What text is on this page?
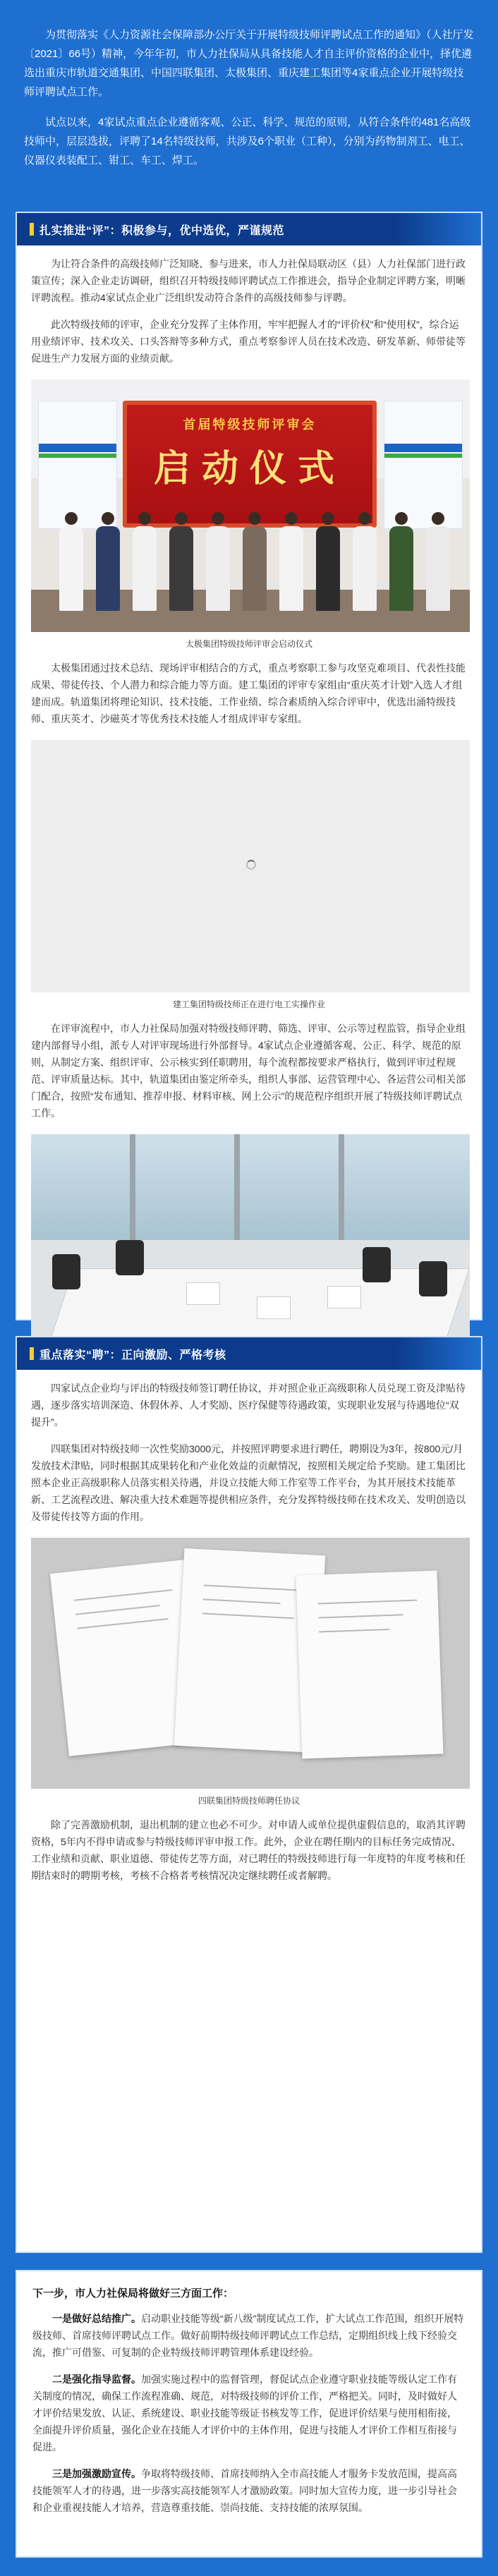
为贯彻落实《人力资源社会保障部办公厅关于开展特级技师评聘试点工作的通知》（人社厅发〔2021〕66号）精神，今年年初，市人力社保局从具备技能人才自主评价资格的企业中，择优遴选出重庆市轨道交通集团、中国四联集团、太极集团、重庆建工集团等4家重点企业开展特级技师评聘试点工作。

试点以来，4家试点重点企业遵循客观、公正、科学、规范的原则，从符合条件的481名高级技师中，层层选拔，评聘了14名特级技师，共涉及6个职业（工种），分别为药物制剂工、电工、仪器仪表装配工、钳工、车工、焊工。

扎实推进“评”：积极参与，优中选优，严谨规范

为让符合条件的高级技师广泛知晓、参与进来，市人力社保局联动区（县）人力社保部门进行政策宣传；深入企业走访调研，组织召开特级技师评聘试点工作推进会，指导企业制定评聘方案，明晰评聘流程。推动4家试点企业广泛组织发动符合条件的高级技师参与评聘。

此次特级技师的评审，企业充分发挥了主体作用，牢牢把握人才的“评价权”和“使用权”，综合运用业绩评审、技术攻关、口头答辩等多种方式，重点考察参评人员在技术改造、研发革新、师带徒等促进生产力发展方面的业绩贡献。

首届特级技师评审会
启动仪式
太极集团特级技师评审会启动仪式

太极集团通过技术总结、现场评审相结合的方式，重点考察职工参与攻坚克难项目、代表性技能成果、带徒传技、个人潜力和综合能力等方面。建工集团的评审专家组由“重庆英才计划”入选人才组建而成。轨道集团将理论知识、技术技能、工作业绩、综合素质纳入综合评审中，优选出涌特级技师、重庆英才、沙磁英才等优秀技术技能人才组成评审专家组。

建工集团特级技师正在进行电工实操作业

在评审流程中，市人力社保局加强对特级技师评聘、筛选、评审、公示等过程监管，指导企业组建内部督导小组，派专人对评审现场进行外部督导。4家试点企业遵循客观、公正、科学、规范的原则，从制定方案、组织评审、公示核实到任职聘用，每个流程都按要求严格执行，做到评审过程规范、评审质量达标。其中，轨道集团由鉴定所牵头，组织人事部、运营管理中心、各运营公司相关部门配合，按照“发布通知、推荐申报、材料审核、网上公示”的规范程序组织开展了特级技师评聘试点工作。

重点落实“聘”：正向激励、严格考核

四家试点企业均与评出的特级技师签订聘任协议，并对照企业正高级职称人员兑现工资及津贴待遇，逐步落实培训深造、休假休养、人才奖励、医疗保健等待遇政策，实现职业发展与待遇地位“双提升”。

四联集团对特级技师一次性奖励3000元，并按照评聘要求进行聘任，聘期设为3年，按800元/月发放技术津贴，同时根据其成果转化和产业化效益的贡献情况，按照相关规定给予奖励。建工集团比照本企业正高级职称人员落实相关待遇，并设立技能大师工作室等工作平台，为其开展技术技能革新、工艺流程改进、解决重大技术难题等提供相应条件，充分发挥特级技师在技术攻关、发明创造以及带徒传技等方面的作用。

四联集团特级技师聘任协议

除了完善激励机制，退出机制的建立也必不可少。对申请人或单位提供虚假信息的，取消其评聘资格，5年内不得申请或参与特级技师评审申报工作。此外，企业在聘任期内的目标任务完成情况、工作业绩和贡献、职业道德、带徒传艺等方面，对已聘任的特级技师进行每一年度特的年度考核和任期结束时的聘期考核，考核不合格者考核情况决定继续聘任或者解聘。

下一步，市人力社保局将做好三方面工作：

一是做好总结推广。启动职业技能等级“新八级”制度试点工作，扩大试点工作范围，组织开展特级技师、首席技师评聘试点工作。做好前期特级技师评聘试点工作总结，定期组织线上线下经验交流，推广可借鉴、可复制的企业特级技师评聘管理体系建设经验。

二是强化指导监督。加强实施过程中的监督管理，督促试点企业遵守职业技能等级认定工作有关制度的情况，确保工作流程准确、规范，对特级技师的评价工作，严格把关。同时，及时做好人才评价结果发放、认证、系统建设、职业技能等级证书核发等工作，促进评价结果与使用相衔接，全面提升评价质量，强化企业在技能人才评价中的主体作用，促进与技能人才评价工作相互衔接与促进。

三是加强激励宣传。争取将特级技师、首席技师纳入全市高技能人才服务卡发放范围，提高高技能领军人才的待遇，进一步落实高技能领军人才激励政策。同时加大宣传力度，进一步引导社会和企业重视技能人才培养，营造尊重技能、崇尚技能、支持技能的浓厚氛围。
